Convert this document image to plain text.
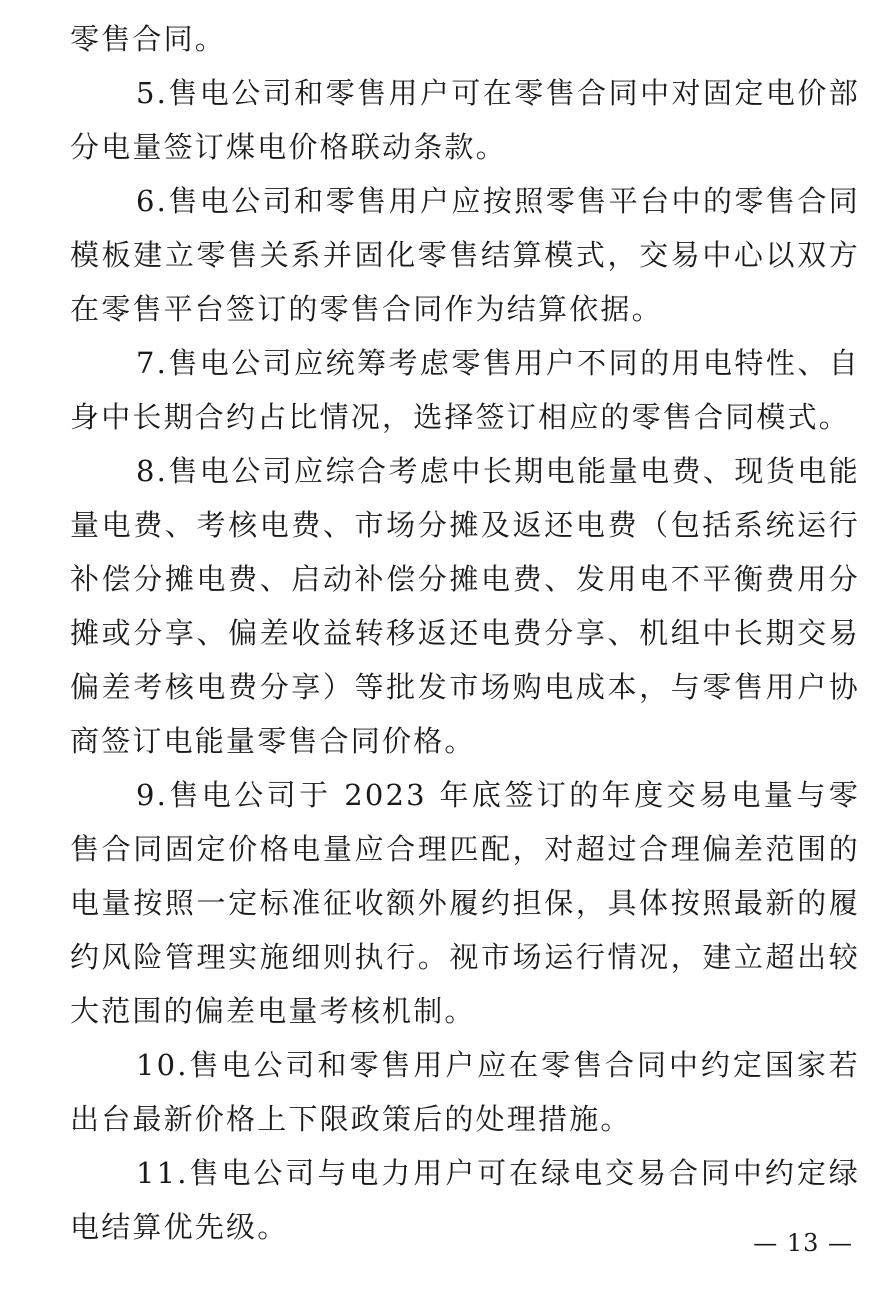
零售合同。

5.售电公司和零售用户可在零售合同中对固定电价部分电量签订煤电价格联动条款。

6.售电公司和零售用户应按照零售平台中的零售合同模板建立零售关系并固化零售结算模式，交易中心以双方在零售平台签订的零售合同作为结算依据。

7.售电公司应统筹考虑零售用户不同的用电特性、自身中长期合约占比情况，选择签订相应的零售合同模式。

8.售电公司应综合考虑中长期电能量电费、现货电能量电费、考核电费、市场分摊及返还电费（包括系统运行补偿分摊电费、启动补偿分摊电费、发用电不平衡费用分摊或分享、偏差收益转移返还电费分享、机组中长期交易偏差考核电费分享）等批发市场购电成本，与零售用户协商签订电能量零售合同价格。

9.售电公司于 2023 年底签订的年度交易电量与零售合同固定价格电量应合理匹配，对超过合理偏差范围的电量按照一定标准征收额外履约担保，具体按照最新的履约风险管理实施细则执行。视市场运行情况，建立超出较大范围的偏差电量考核机制。

10.售电公司和零售用户应在零售合同中约定国家若出台最新价格上下限政策后的处理措施。

11.售电公司与电力用户可在绿电交易合同中约定绿电结算优先级。	— 13 —
